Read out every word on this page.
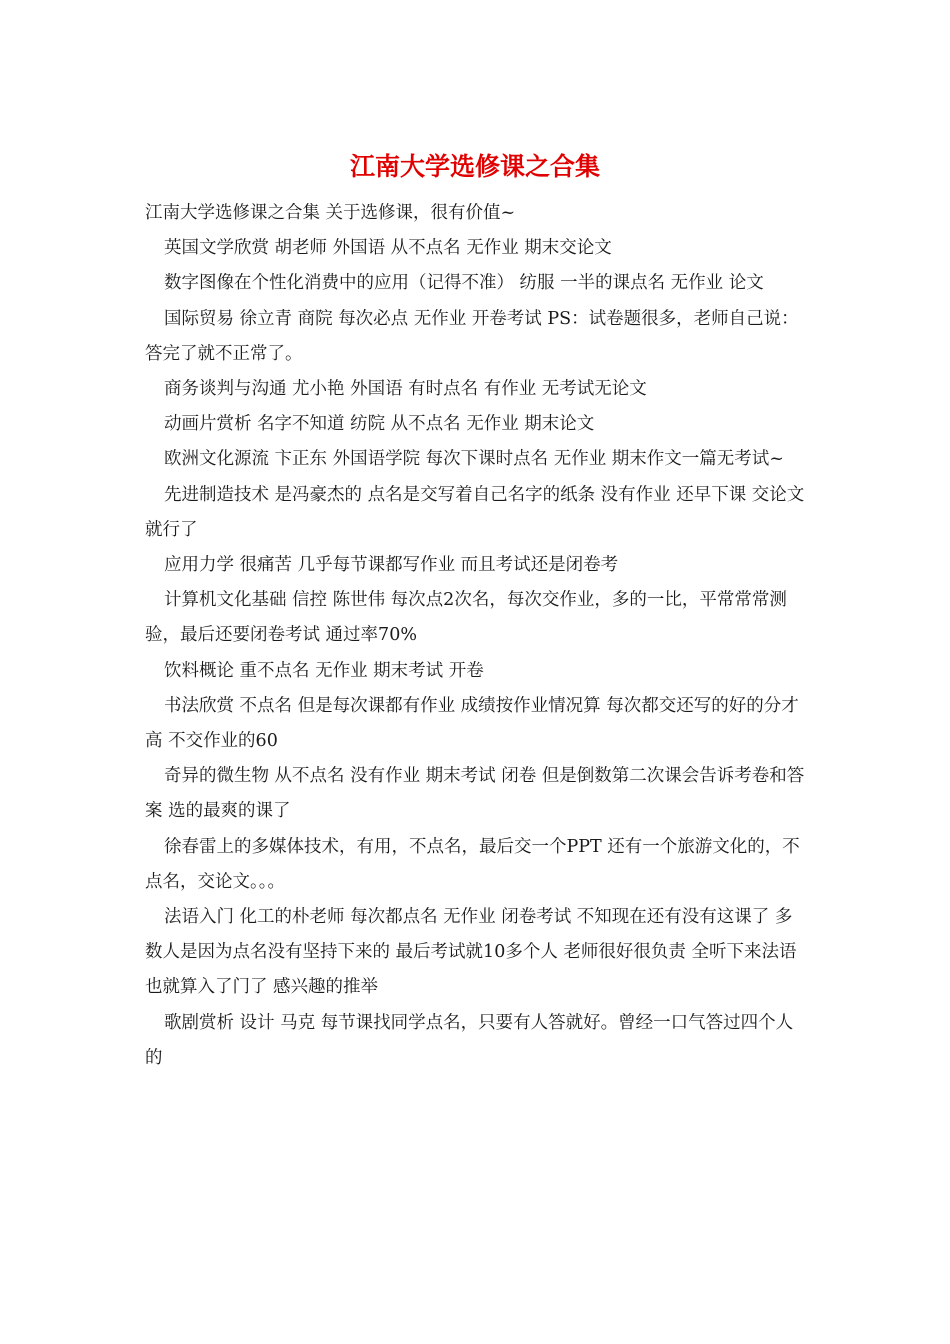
江南大学选修课之合集

江南大学选修课之合集 关于选修课，很有价值~

英国文学欣赏 胡老师 外国语 从不点名 无作业 期末交论文

数字图像在个性化消费中的应用（记得不准） 纺服 一半的课点名 无作业 论文

国际贸易 徐立青 商院 每次必点 无作业 开卷考试 PS：试卷题很多，老师自己说：答完了就不正常了。

商务谈判与沟通 尤小艳 外国语 有时点名 有作业 无考试无论文

动画片赏析 名字不知道 纺院 从不点名 无作业 期末论文

欧洲文化源流 卞正东 外国语学院 每次下课时点名 无作业 期末作文一篇无考试~

先进制造技术 是冯豪杰的 点名是交写着自己名字的纸条 没有作业 还早下课 交论文就行了

应用力学 很痛苦 几乎每节课都写作业 而且考试还是闭卷考

计算机文化基础 信控 陈世伟 每次点2次名，每次交作业，多的一比，平常常常测验，最后还要闭卷考试 通过率70%

饮料概论 重不点名 无作业 期末考试 开卷

书法欣赏 不点名 但是每次课都有作业 成绩按作业情况算 每次都交还写的好的分才高 不交作业的60

奇异的微生物 从不点名 没有作业 期末考试 闭卷 但是倒数第二次课会告诉考卷和答案 选的最爽的课了

徐春雷上的多媒体技术，有用，不点名，最后交一个PPT 还有一个旅游文化的，不点名，交论文。。。

法语入门 化工的朴老师 每次都点名 无作业 闭卷考试 不知现在还有没有这课了 多数人是因为点名没有坚持下来的 最后考试就10多个人 老师很好很负责 全听下来法语也就算入了门了 感兴趣的推举

歌剧赏析 设计 马克 每节课找同学点名，只要有人答就好。曾经一口气答过四个人的
